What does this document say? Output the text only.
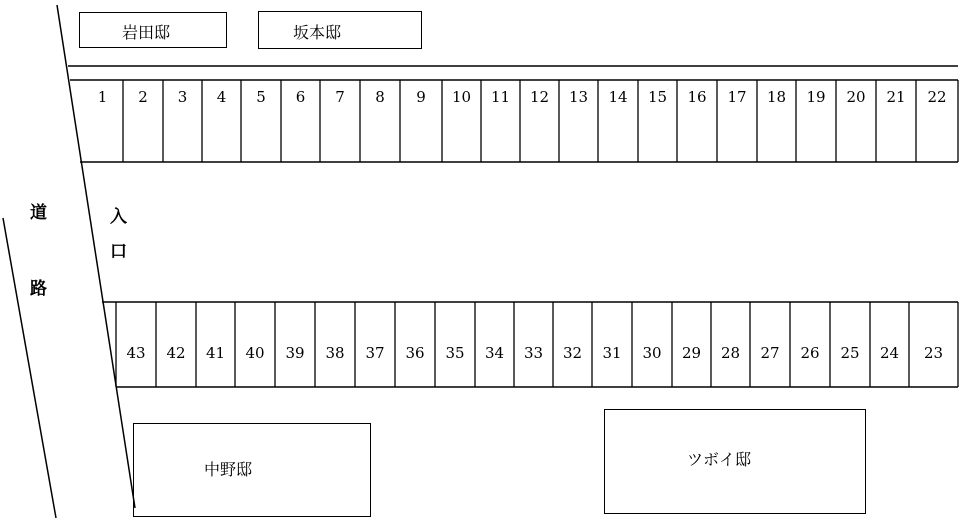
岩田邸	坂本邸
中野邸
ツボイ邸
道
路
入
口
1	2	3	4	5	6	7	8	9	10	11	12	13	14	15	16	17	18	19	20	21	22
43	42	41	40	39	38	37	36	35	34	33	32	31	30	29	28	27	26	25	24	23
